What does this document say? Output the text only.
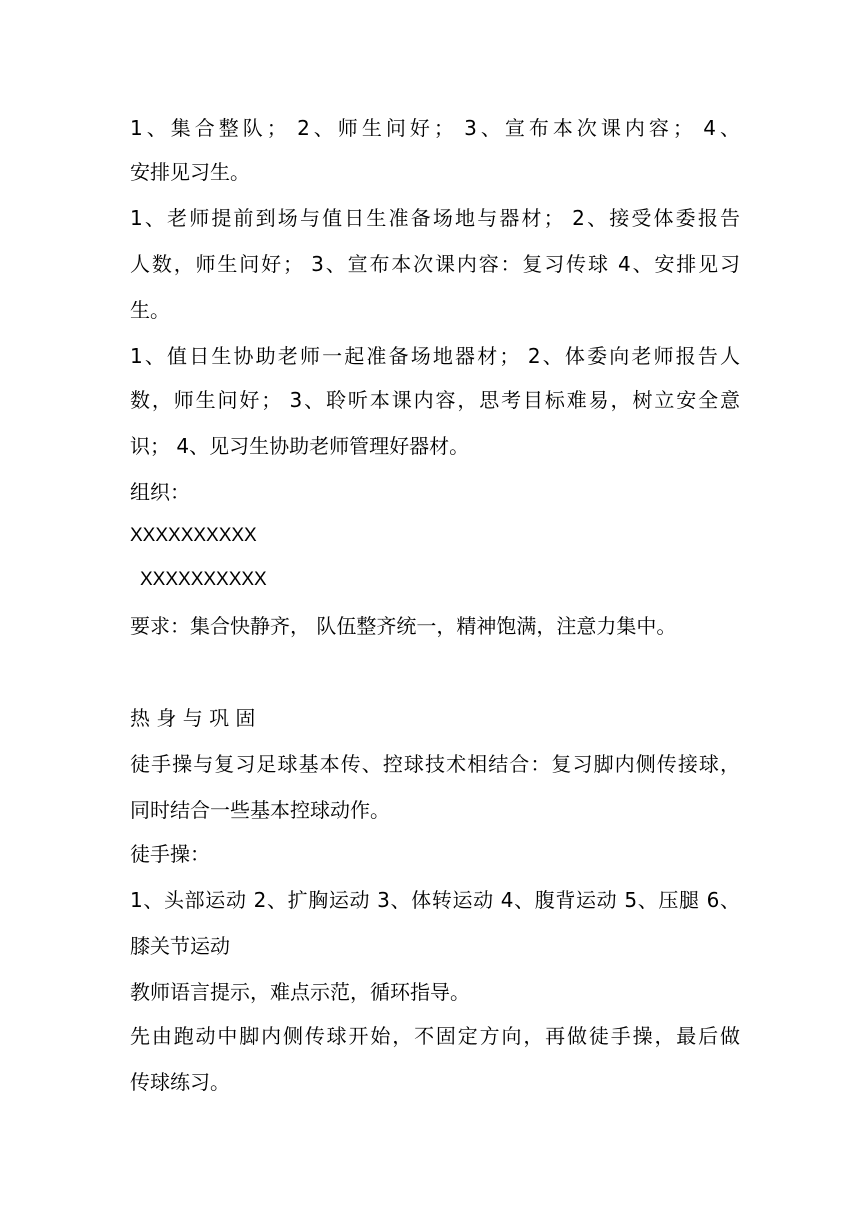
1、集合整队； 2、师生问好； 3、宣布本次课内容； 4、
安排见习生。
1、老师提前到场与值日生准备场地与器材； 2、接受体委报告
人数，师生问好； 3、宣布本次课内容：复习传球 4、安排见习
生。
1、值日生协助老师一起准备场地器材； 2、体委向老师报告人
数，师生问好； 3、聆听本课内容，思考目标难易，树立安全意
识； 4、见习生协助老师管理好器材。
组织：
XXXXXXXXXX
XXXXXXXXXX
要求：集合快静齐， 队伍整齐统一，精神饱满，注意力集中。
热 身 与 巩 固
徒手操与复习足球基本传、控球技术相结合：复习脚内侧传接球，
同时结合一些基本控球动作。
徒手操：
1、头部运动 2、扩胸运动 3、体转运动 4、腹背运动 5、压腿 6、
膝关节运动
教师语言提示，难点示范，循环指导。
先由跑动中脚内侧传球开始，不固定方向，再做徒手操，最后做
传球练习。
